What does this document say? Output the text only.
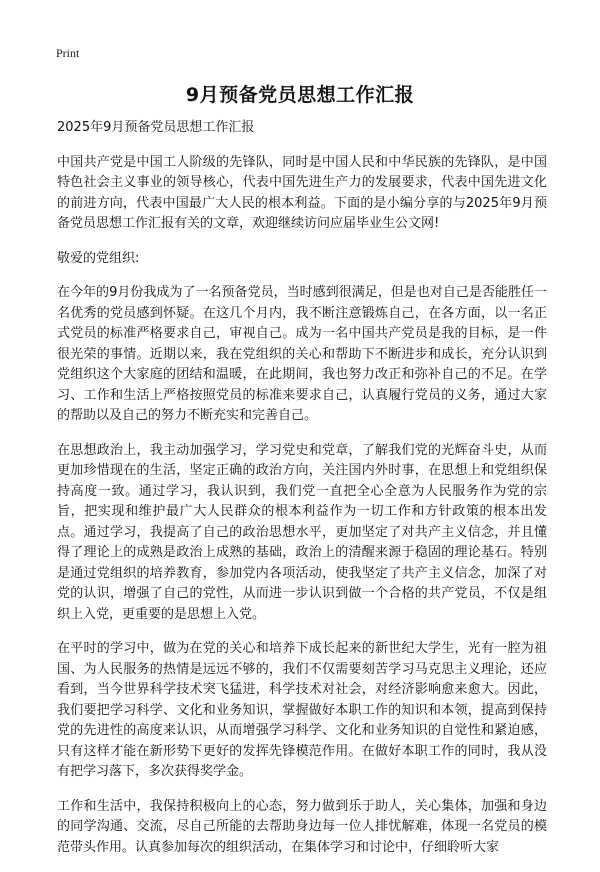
Print
9月预备党员思想工作汇报

2025年9月预备党员思想工作汇报

中国共产党是中国工人阶级的先锋队，同时是中国人民和中华民族的先锋队，是中国特色社会主义事业的领导核心，代表中国先进生产力的发展要求，代表中国先进文化的前进方向，代表中国最广大人民的根本利益。下面的是小编分享的与2025年9月预备党员思想工作汇报有关的文章，欢迎继续访问应届毕业生公文网!

敬爱的党组织:

在今年的9月份我成为了一名预备党员，当时感到很满足，但是也对自己是否能胜任一名优秀的党员感到怀疑。在这几个月内，我不断注意锻炼自己，在各方面，以一名正式党员的标准严格要求自己，审视自己。成为一名中国共产党员是我的目标，是一件很光荣的事情。近期以来，我在党组织的关心和帮助下不断进步和成长，充分认识到党组织这个大家庭的团结和温暖，在此期间，我也努力改正和弥补自己的不足。在学习、工作和生活上严格按照党员的标准来要求自己，认真履行党员的义务，通过大家的帮助以及自己的努力不断充实和完善自己。

在思想政治上，我主动加强学习，学习党史和党章，了解我们党的光辉奋斗史，从而更加珍惜现在的生活，坚定正确的政治方向，关注国内外时事，在思想上和党组织保持高度一致。通过学习，我认识到，我们党一直把全心全意为人民服务作为党的宗旨，把实现和维护最广大人民群众的根本利益作为一切工作和方针政策的根本出发点。通过学习，我提高了自己的政治思想水平，更加坚定了对共产主义信念，并且懂得了理论上的成熟是政治上成熟的基础，政治上的清醒来源于稳固的理论基石。特别是通过党组织的培养教育，参加党内各项活动，使我坚定了共产主义信念，加深了对党的认识，增强了自己的党性，从而进一步认识到做一个合格的共产党员，不仅是组织上入党，更重要的是思想上入党。

在平时的学习中，做为在党的关心和培养下成长起来的新世纪大学生，光有一腔为祖国、为人民服务的热情是远远不够的，我们不仅需要刻苦学习马克思主义理论，还应看到，当今世界科学技术突飞猛进，科学技术对社会，对经济影响愈来愈大。因此，我们要把学习科学、文化和业务知识，掌握做好本职工作的知识和本领，提高到保持党的先进性的高度来认识，从而增强学习科学、文化和业务知识的自觉性和紧迫感，只有这样才能在新形势下更好的发挥先锋模范作用。在做好本职工作的同时，我从没有把学习落下，多次获得奖学金。

工作和生活中，我保持积极向上的心态，努力做到乐于助人，关心集体，加强和身边的同学沟通、交流，尽自己所能的去帮助身边每一位人排忧解难，体现一名党员的模范带头作用。认真参加每次的组织活动，在集体学习和讨论中，仔细聆听大家
